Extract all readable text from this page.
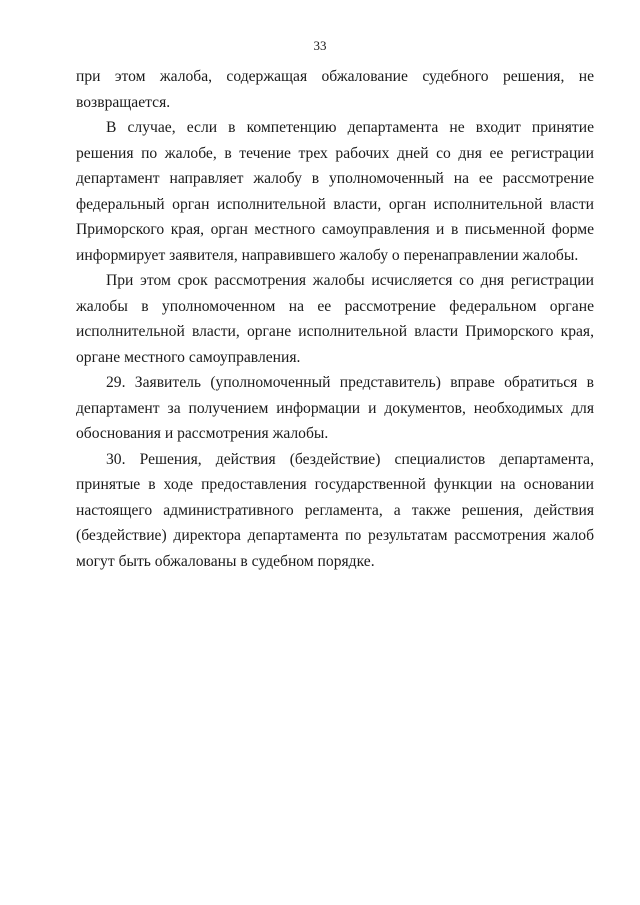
33

при этом жалоба, содержащая обжалование судебного решения, не возвращается.

В случае, если в компетенцию департамента не входит принятие решения по жалобе, в течение трех рабочих дней со дня ее регистрации департамент направляет жалобу в уполномоченный на ее рассмотрение федеральный орган исполнительной власти, орган исполнительной власти Приморского края, орган местного самоуправления и в письменной форме информирует заявителя, направившего жалобу о перенаправлении жалобы.

При этом срок рассмотрения жалобы исчисляется со дня регистрации жалобы в уполномоченном на ее рассмотрение федеральном органе исполнительной власти, органе исполнительной власти Приморского края, органе местного самоуправления.

29. Заявитель (уполномоченный представитель) вправе обратиться в департамент за получением информации и документов, необходимых для обоснования и рассмотрения жалобы.

30. Решения, действия (бездействие) специалистов департамента, принятые в ходе предоставления государственной функции на основании настоящего административного регламента, а также решения, действия (бездействие) директора департамента по результатам рассмотрения жалоб могут быть обжалованы в судебном порядке.
